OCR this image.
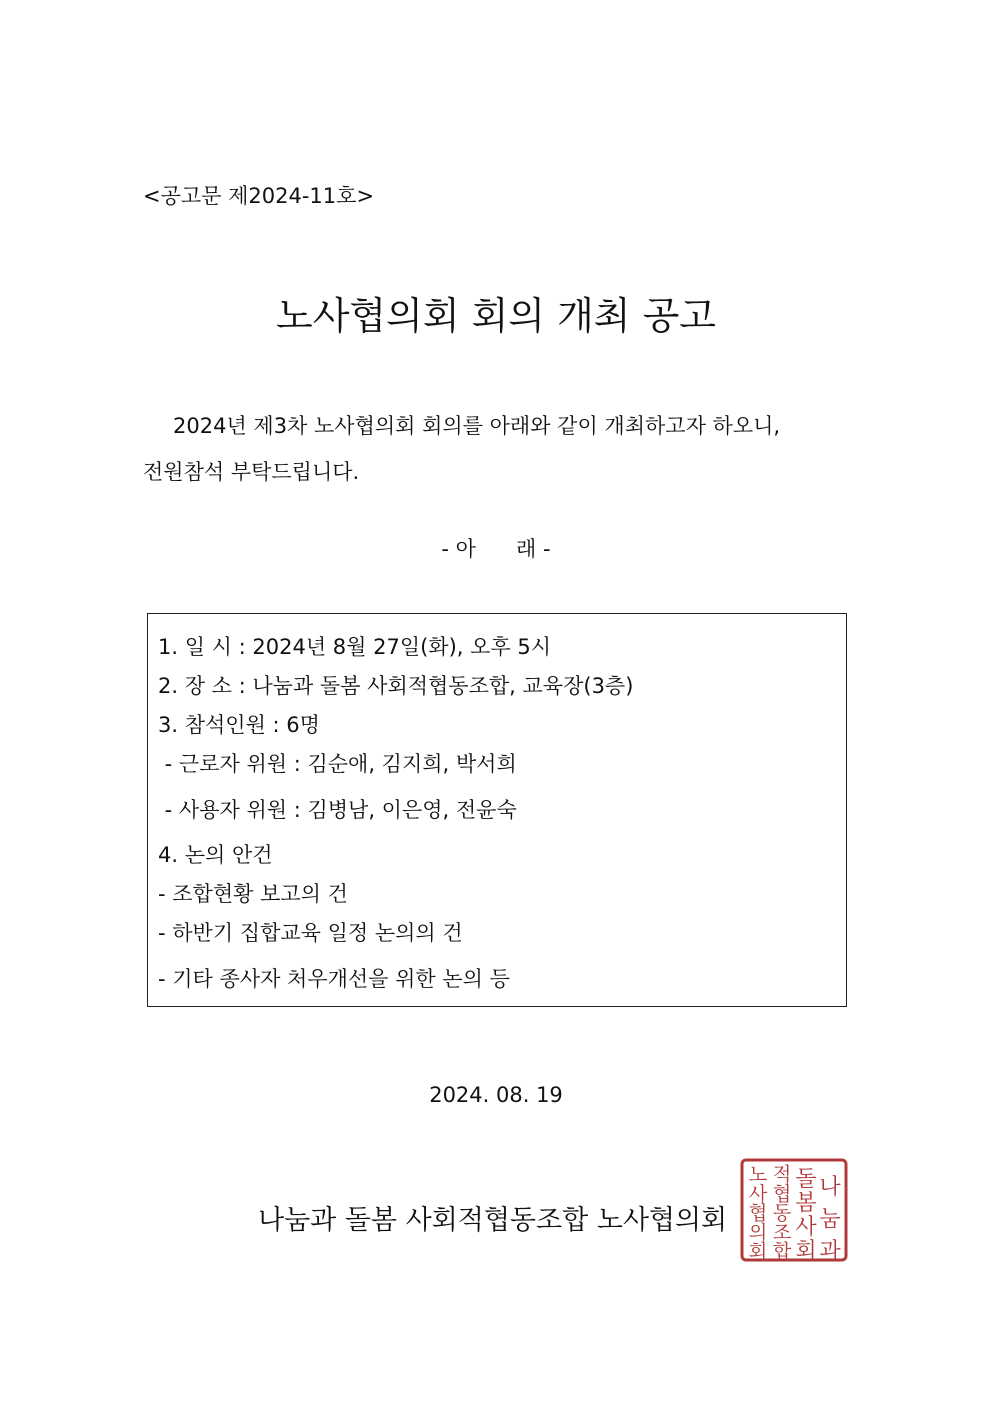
<공고문 제2024-11호>
노사협의회 회의 개최 공고
2024년 제3차 노사협의회 회의를 아래와 같이 개최하고자 하오니,
전원참석 부탁드립니다.
- 아      래 -
1. 일 시 : 2024년 8월 27일(화), 오후 5시
2. 장 소 : 나눔과 돌봄 사회적협동조합, 교육장(3층)
3. 참석인원 : 6명
- 근로자 위원 : 김순애, 김지희, 박서희
- 사용자 위원 : 김병남, 이은영, 전윤숙
4. 논의 안건
- 조합현황 보고의 건
- 하반기 집합교육 일정 논의의 건
- 기타 종사자 처우개선을 위한 논의 등
2024. 08. 19
나눔과 돌봄 사회적협동조합 노사협의회
나
눔
과
돌
봄
사
회
적
협
동
조
합
노
사
협
의
회
